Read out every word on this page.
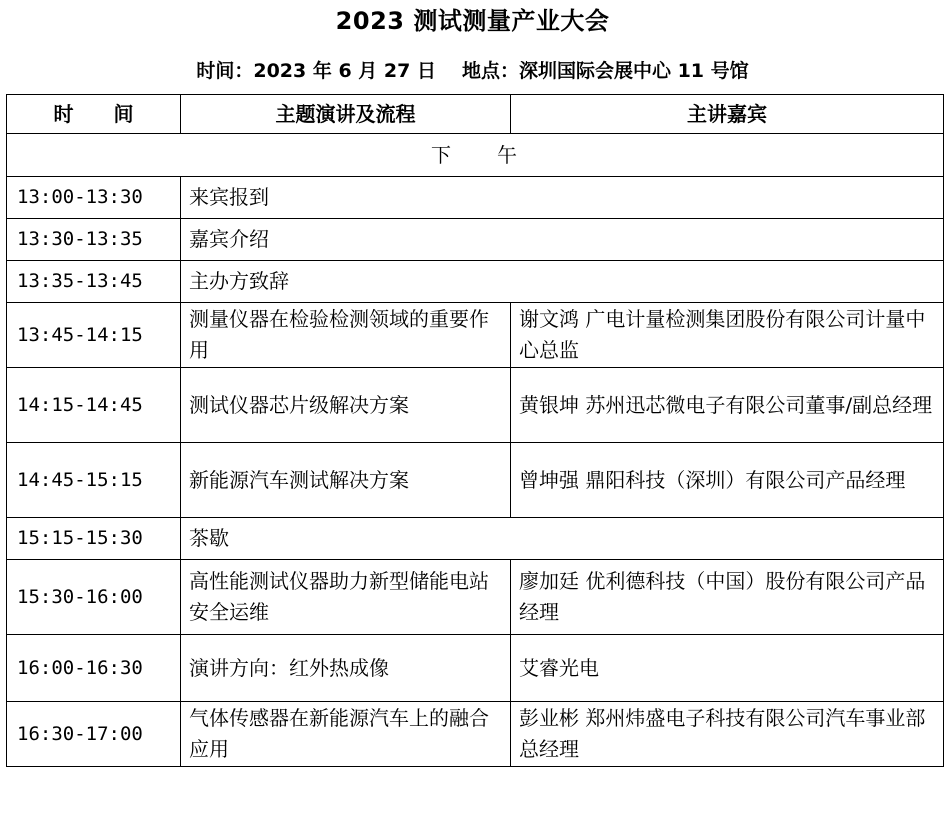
2023 测试测量产业大会
时间：2023 年 6 月 27 日 地点：深圳国际会展中心 11 号馆
时　　间	主题演讲及流程	主讲嘉宾
下　　午		
13:00-13:30	来宾报到	
13:30-13:35	嘉宾介绍	
13:35-13:45	主办方致辞	
13:45-14:15	测量仪器在检验检测领域的重要作用	谢文鸿 广电计量检测集团股份有限公司计量中心总监
14:15-14:45	测试仪器芯片级解决方案	黄银坤 苏州迅芯微电子有限公司董事/副总经理
14:45-15:15	新能源汽车测试解决方案	曾坤强 鼎阳科技（深圳）有限公司产品经理
15:15-15:30	茶歇	
15:30-16:00	高性能测试仪器助力新型储能电站安全运维	廖加廷 优利德科技（中国）股份有限公司产品经理
16:00-16:30	演讲方向：红外热成像	艾睿光电
16:30-17:00	气体传感器在新能源汽车上的融合应用	彭业彬 郑州炜盛电子科技有限公司汽车事业部总经理
